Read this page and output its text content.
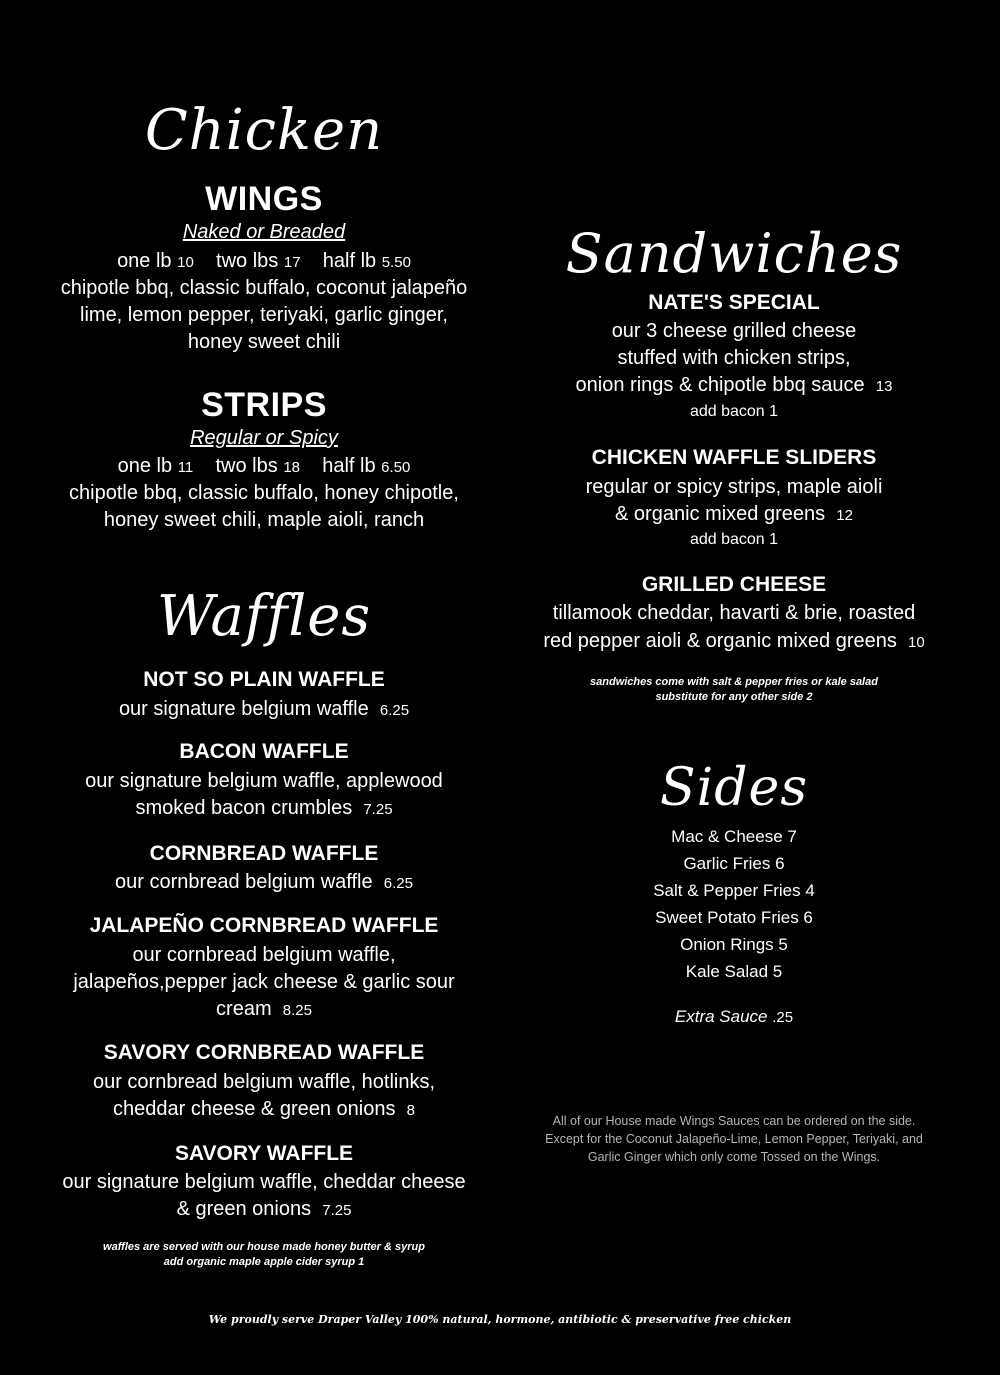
Chicken
WINGS
Naked or Breaded
one lb 10 two lbs 17 half lb 5.50
chipotle bbq, classic buffalo, coconut jalapeño
lime, lemon pepper, teriyaki, garlic ginger,
honey sweet chili
STRIPS
Regular or Spicy
one lb 11 two lbs 18 half lb 6.50
chipotle bbq, classic buffalo, honey chipotle,
honey sweet chili, maple aioli, ranch
Waffles
NOT SO PLAIN WAFFLE
our signature belgium waffle 6.25
BACON WAFFLE
our signature belgium waffle, applewood
smoked bacon crumbles 7.25
CORNBREAD WAFFLE
our cornbread belgium waffle 6.25
JALAPEÑO CORNBREAD WAFFLE
our cornbread belgium waffle,
jalapeños,pepper jack cheese & garlic sour
cream 8.25
SAVORY CORNBREAD WAFFLE
our cornbread belgium waffle, hotlinks,
cheddar cheese & green onions 8
SAVORY WAFFLE
our signature belgium waffle, cheddar cheese
& green onions 7.25
waffles are served with our house made honey butter & syrup
add organic maple apple cider syrup 1
Sandwiches
NATE'S SPECIAL
our 3 cheese grilled cheese
stuffed with chicken strips,
onion rings & chipotle bbq sauce 13
add bacon 1
CHICKEN WAFFLE SLIDERS
regular or spicy strips, maple aioli
& organic mixed greens 12
add bacon 1
GRILLED CHEESE
tillamook cheddar, havarti & brie, roasted
red pepper aioli & organic mixed greens 10
sandwiches come with salt & pepper fries or kale salad
substitute for any other side 2
Sides
Mac & Cheese 7
Garlic Fries 6
Salt & Pepper Fries 4
Sweet Potato Fries 6
Onion Rings 5
Kale Salad 5
Extra Sauce .25
All of our House made Wings Sauces can be ordered on the side.
Except for the Coconut Jalapeño-Lime, Lemon Pepper, Teriyaki, and
Garlic Ginger which only come Tossed on the Wings.
We proudly serve Draper Valley 100% natural, hormone, antibiotic & preservative free chicken
